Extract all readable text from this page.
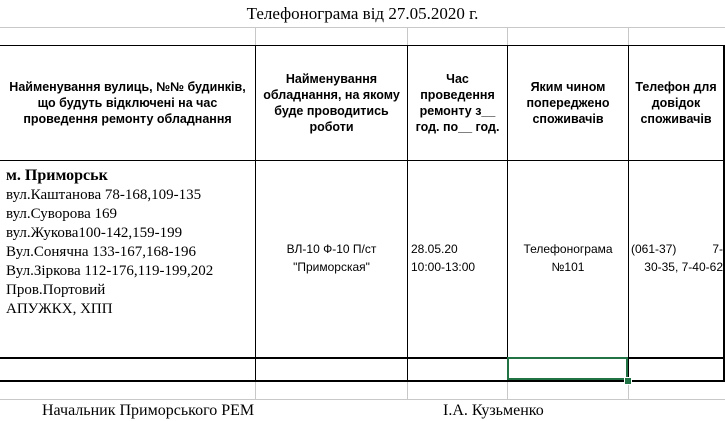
Телефонограма від 27.05.2020 г.
Найменування вулиць, №№ будинків, що будуть відключені на час проведення ремонту обладнання
Найменування обладнання, на якому буде проводитись роботи
Час проведення ремонту з__ год. по__ год.
Яким чином попереджено споживачів
Телефон для довідок споживачів
м. Приморськ
вул.Каштанова 78-168,109-135
вул.Суворова 169
вул.Жукова100-142,159-199
Вул.Сонячна 133-167,168-196
Вул.Зіркова 112-176,119-199,202
Пров.Портовий
АПУЖКХ, ХПП
ВЛ-10 Ф-10 П/ст
"Приморская"
28.05.20
10:00-13:00
Телефонограма
№101
(061-37)	7-
30-35, 7-40-62
Начальник Приморського РЕМ	І.А. Кузьменко
